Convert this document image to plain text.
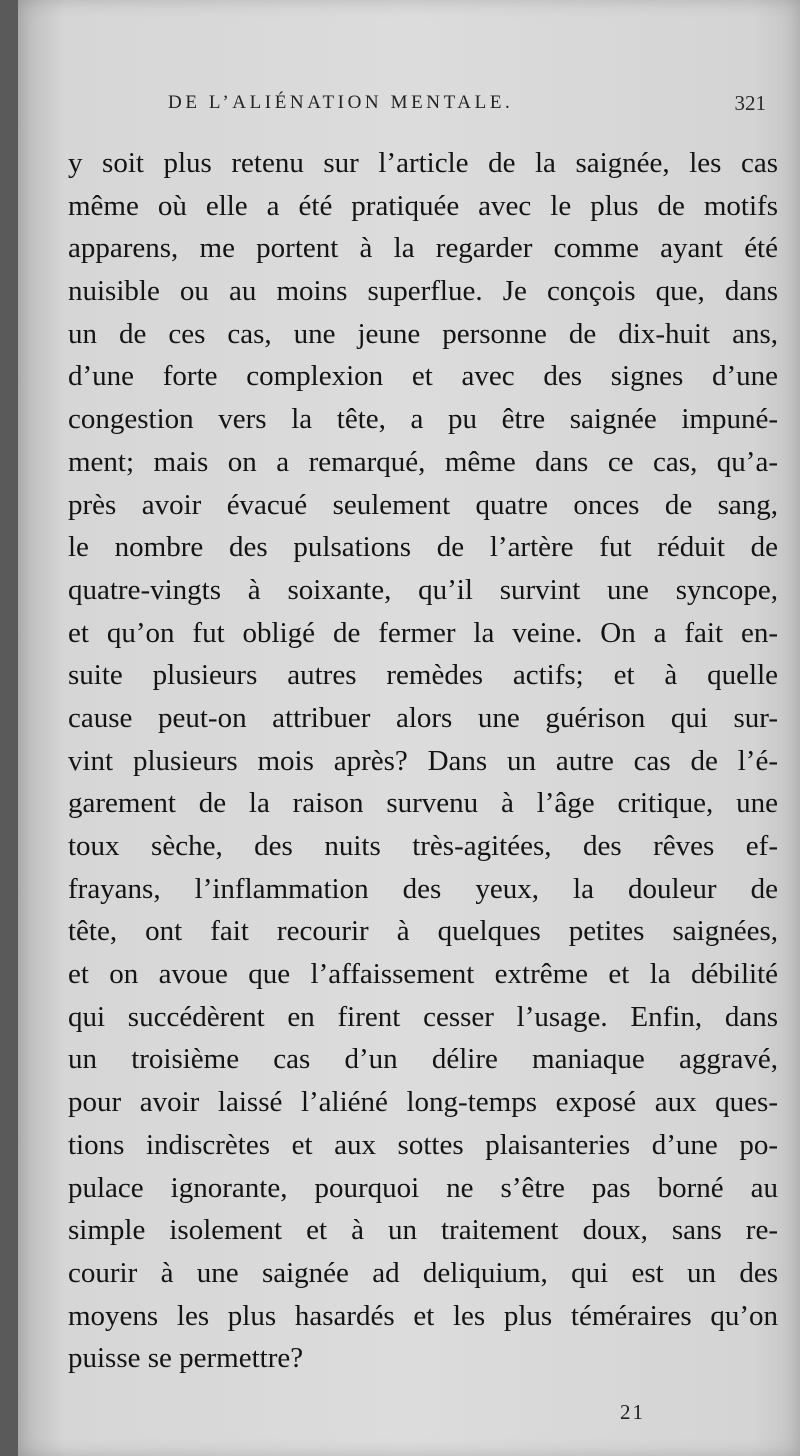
DE L’ALIÉNATION MENTALE.	321
y soit plus retenu sur l’article de la saignée, les cas
même où elle a été pratiquée avec le plus de motifs
apparens, me portent à la regarder comme ayant été
nuisible ou au moins superflue. Je conçois que, dans
un de ces cas, une jeune personne de dix-huit ans,
d’une forte complexion et avec des signes d’une
congestion vers la tête, a pu être saignée impuné-
ment; mais on a remarqué, même dans ce cas, qu’a-
près avoir évacué seulement quatre onces de sang,
le nombre des pulsations de l’artère fut réduit de
quatre-vingts à soixante, qu’il survint une syncope,
et qu’on fut obligé de fermer la veine. On a fait en-
suite plusieurs autres remèdes actifs; et à quelle
cause peut-on attribuer alors une guérison qui sur-
vint plusieurs mois après? Dans un autre cas de l’é-
garement de la raison survenu à l’âge critique, une
toux sèche, des nuits très-agitées, des rêves ef-
frayans, l’inflammation des yeux, la douleur de
tête, ont fait recourir à quelques petites saignées,
et on avoue que l’affaissement extrême et la débilité
qui succédèrent en firent cesser l’usage. Enfin, dans
un troisième cas d’un délire maniaque aggravé,
pour avoir laissé l’aliéné long-temps exposé aux ques-
tions indiscrètes et aux sottes plaisanteries d’une po-
pulace ignorante, pourquoi ne s’être pas borné au
simple isolement et à un traitement doux, sans re-
courir à une saignée ad deliquium, qui est un des
moyens les plus hasardés et les plus téméraires qu’on
puisse se permettre?
21
